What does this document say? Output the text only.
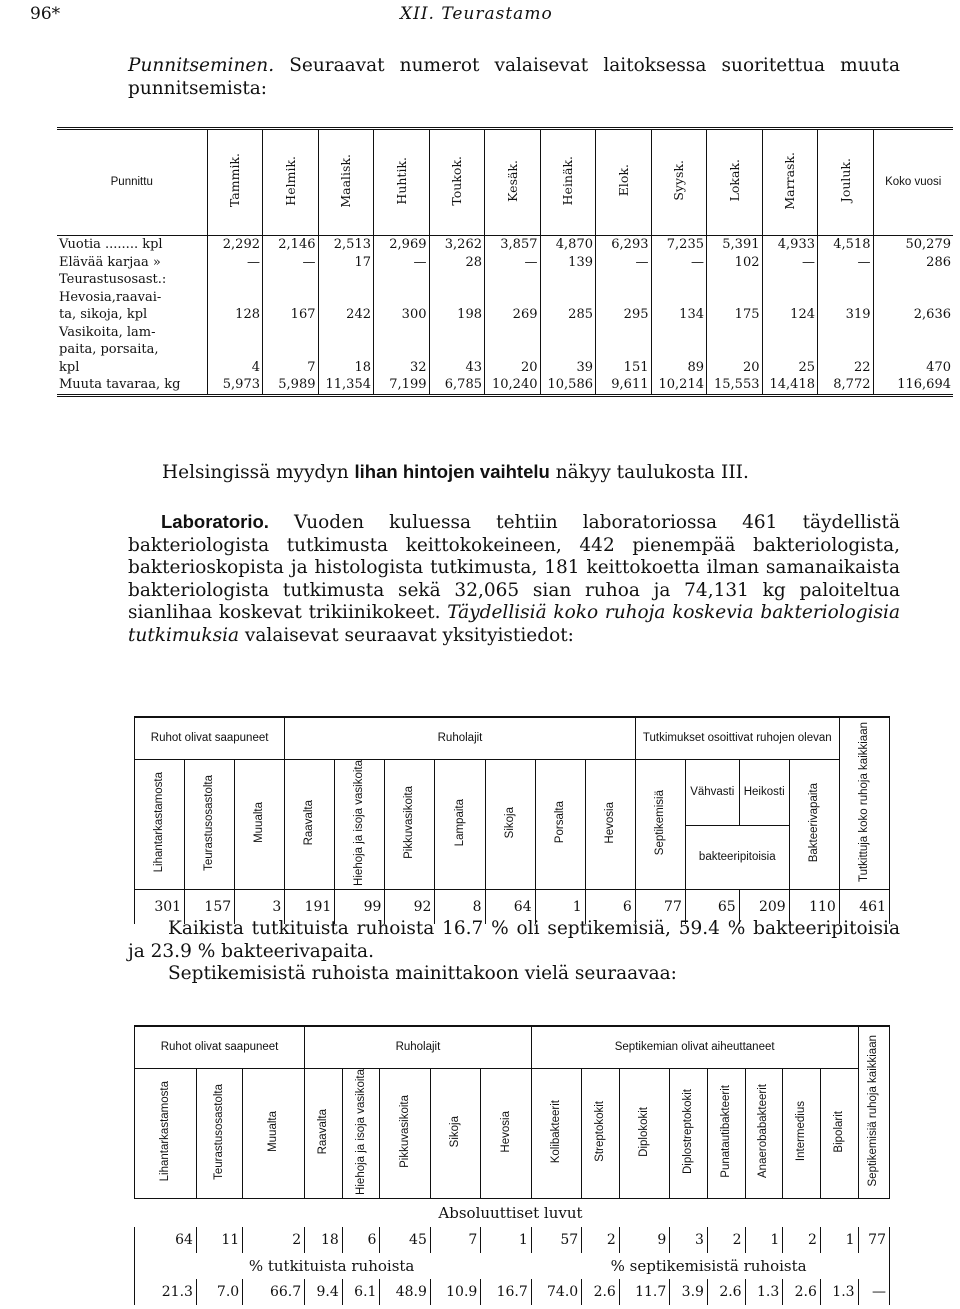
96*	XII. Teurastamo
Punnitseminen. Seuraavat numerot valaisevat laitoksessa suoritettua muuta punnitsemista:
Punnittu	Tammik.	Helmik.	Maalisk.	Huhtik.	Toukok.	Kesäk.	Heinäk.	Elok.	Syysk.	Lokak.	Marrask.	Jouluk.	Koko vuosi
Vuotia ........ kpl	2,292	2,146	2,513	2,969	3,262	3,857	4,870	6,293	7,235	5,391	4,933	4,518	50,279
Elävää karjaa »	—	—	17	—	28	—	139	—	—	102	—	—	286
Teurastusosast.:													
Hevosia,raavai-													
ta, sikoja, kpl	128	167	242	300	198	269	285	295	134	175	124	319	2,636
Vasikoita, lam-													
paita, porsaita,													
kpl	4	7	18	32	43	20	39	151	89	20	25	22	470
Muuta tavaraa, kg	5,973	5,989	11,354	7,199	6,785	10,240	10,586	9,611	10,214	15,553	14,418	8,772	116,694

Helsingissä myydyn lihan hintojen vaihtelu näkyy taulukosta III.
Laboratorio. Vuoden kuluessa tehtiin laboratoriossa 461 täydellistä bakteriologista tutkimusta keittokokeineen, 442 pienempää bakteriologista, bakterioskopista ja histologista tutkimusta, 181 keittokoetta ilman samanaikaista bakteriologista tutkimusta sekä 32,065 sian ruhoa ja 74,131 kg paloiteltua sianlihaa koskevat trikiinikokeet. Täydellisiä koko ruhoja koskevia bakteriologisia tutkimuksia valaisevat seuraavat yksityistiedot:
Ruhot olivat saapuneet			Ruholajit							Tutkimukset osoittivat ruhojen olevan				Tutkittuja koko ruhoja kaikkiaan
Lihantarkastamosta	Teurastusosastolta	Muualta	Raavalta	Hiehoja ja isoja vasikoita	Pikkuvasikoita	Lampaita	Sikoja	Porsalta	Hevosia	Septikemisiä	Vähvasti	Heikosti	Bakteerivapaita	
											bakteeripitoisia			
301	157	3	191	99	92	8	64	1	6	77	65	209	110	461
Kaikista tutkituista ruhoista 16.7 % oli septikemisiä, 59.4 % bakteeripitoisia ja 23.9 % bakteerivapaita.
Septikemisistä ruhoista mainittakoon vielä seuraavaa:
Ruhot olivat saapuneet			Ruholajit					Septikemian olivat aiheuttaneet								Septikemisiä ruhoja kaikkiaan
Lihantarkastamosta	Teurastusosastolta	Muualta	Raavalta	Hiehoja ja isoja vasikoita	Pikkuvasikoita	Sikoja	Hevosia	Kolibakteerit	Streptokokit	Diplokokit	Diplostreptokokit	Punatautibakteerit	Anaerobabakteerit	Intermedius	Bipolarit	
Absoluuttiset luvut																
64	11	2	18	6	45	7	1	57	2	9	3	2	1	2	1	77
% tutkituista ruhoista								% septikemisistä ruhoista								
21.3	7.0	66.7	9.4	6.1	48.9	10.9	16.7	74.0	2.6	11.7	3.9	2.6	1.3	2.6	1.3	—
